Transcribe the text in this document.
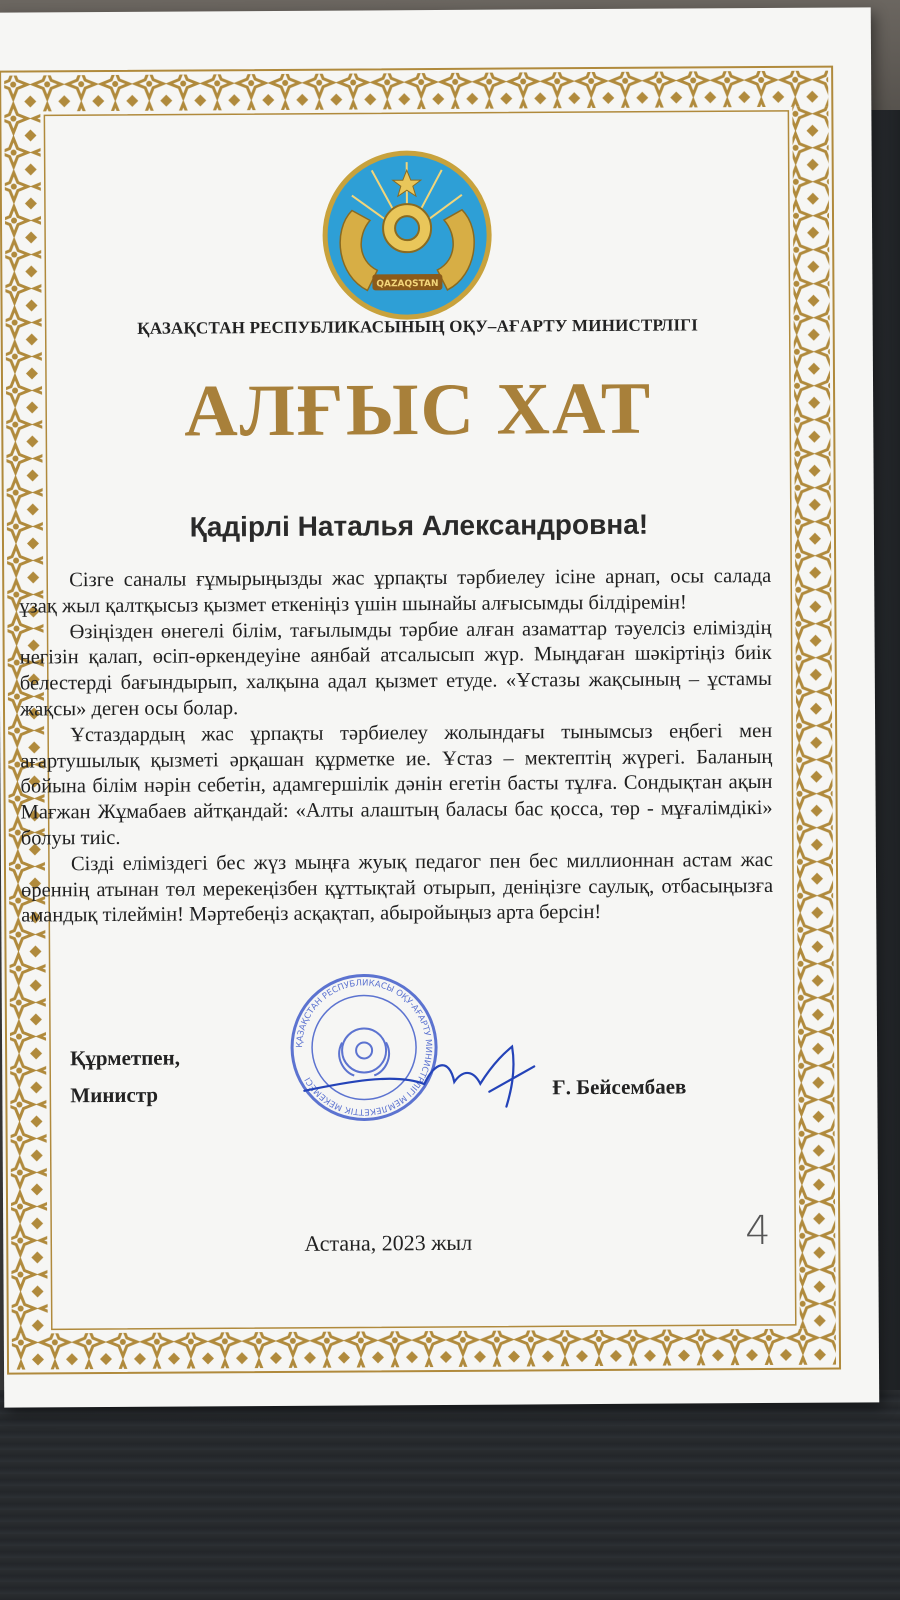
QAZAQSTAN
ҚАЗАҚСТАН РЕСПУБЛИКАСЫНЫҢ ОҚУ–АҒАРТУ МИНИСТРЛІГІ
АЛҒЫС ХАТ
Қадірлі Наталья Александровна!

Сізге саналы ғұмырыңызды жас ұрпақты тәрбиелеу ісіне арнап, осы салада ұзақ жыл қалтқысыз қызмет еткеніңіз үшін шынайы алғысымды білдіремін!

Өзіңізден өнегелі білім, тағылымды тәрбие алған азаматтар тәуелсіз еліміздің негізін қалап, өсіп-өркендеуіне аянбай атсалысып жүр. Мыңдаған шәкіртіңіз биік белестерді бағындырып, халқына адал қызмет етуде. «Ұстазы жақсының – ұстамы жақсы» деген осы болар.

Ұстаздардың жас ұрпақты тәрбиелеу жолындағы тынымсыз еңбегі мен ағартушылық қызметі әрқашан құрметке ие. Ұстаз – мектептің жүрегі. Баланың бойына білім нәрін себетін, адамгершілік дәнін егетін басты тұлға. Сондықтан ақын Мағжан Жұмабаев айтқандай: «Алты алаштың баласы бас қосса, төр - мұғалімдікі» болуы тиіс.

Сізді еліміздегі бес жүз мыңға жуық педагог пен бес миллионнан астам жас өреннің атынан төл мерекеңізбен құттықтай отырып, деніңізге саулық, отбасыңызға амандық тілеймін! Мәртебеңіз асқақтап, абыройыңыз арта берсін!

Құрметпен,
Министр
ҚАЗАҚСТАН РЕСПУБЛИКАСЫ ОҚУ-АҒАРТУ МИНИСТРЛІГІ МЕМЛЕКЕТТІК МЕКЕМЕСІ	Ғ. Бейсембаев
Астана, 2023 жыл	4
